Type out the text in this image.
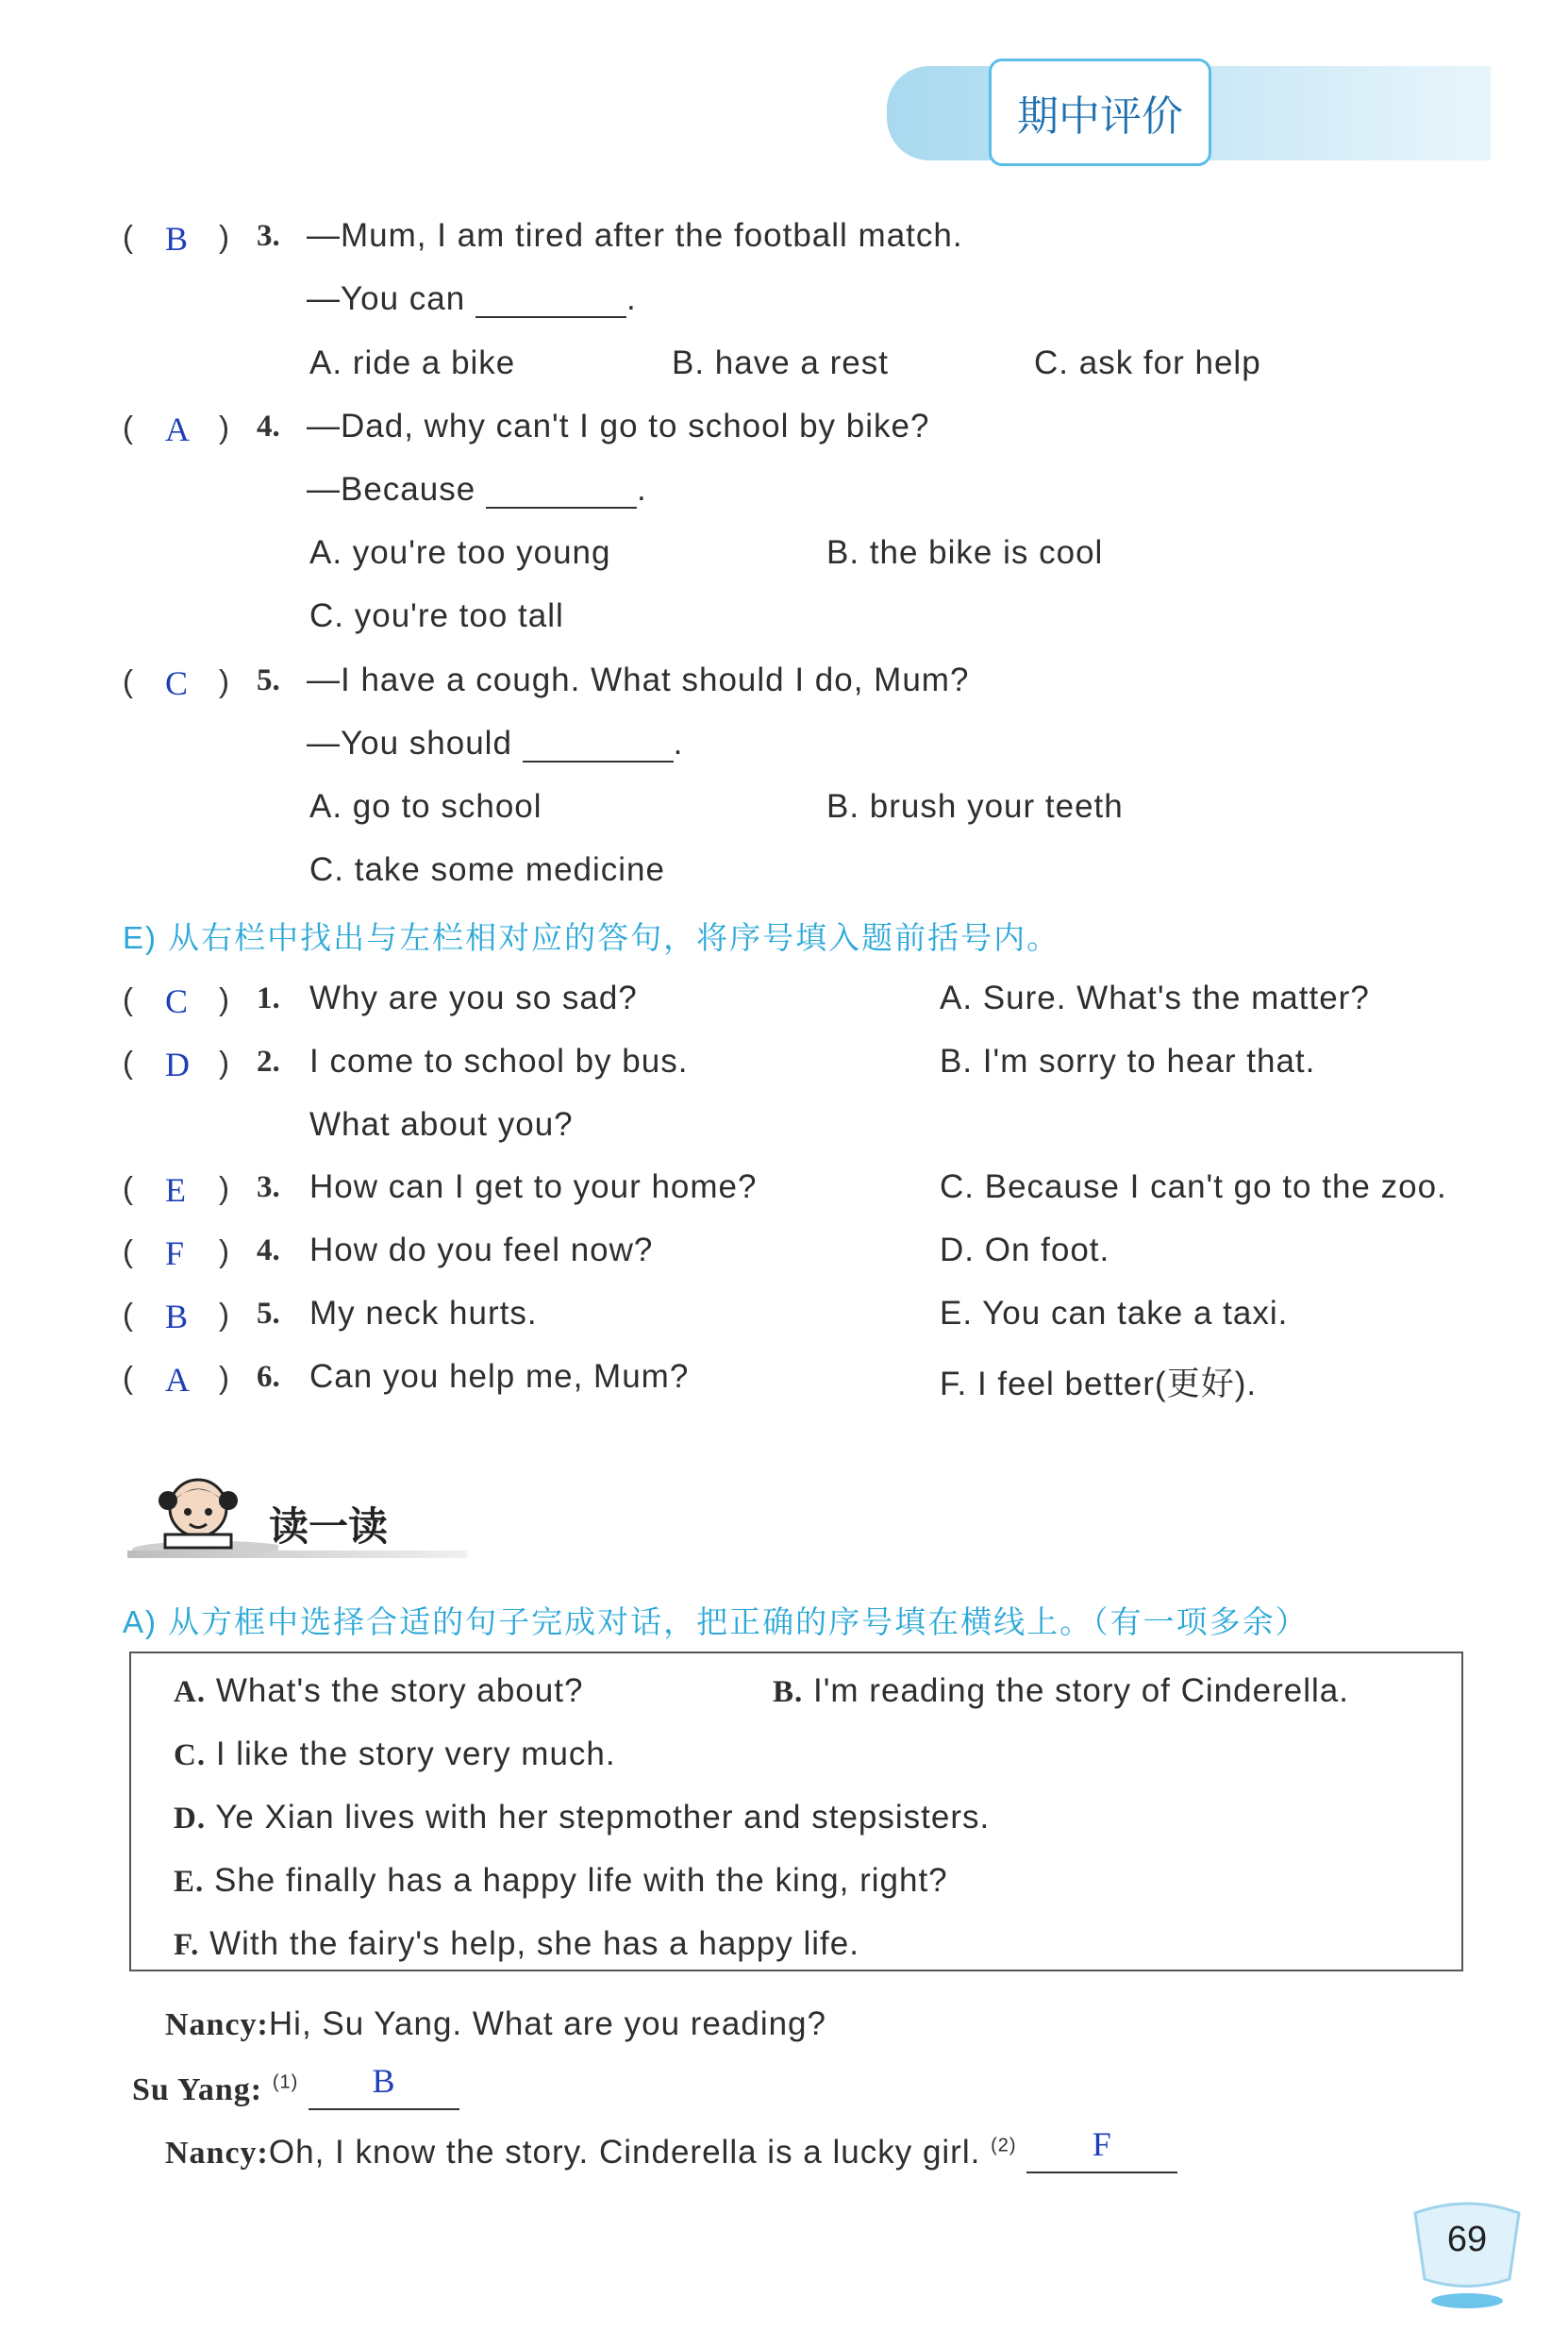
期中评价
( B ) 3. —Mum, I am tired after the football match.
—You can	.
A. ride a bike	B. have a rest	C. ask for help
( A ) 4. —Dad, why can't I go to school by bike?
—Because	.
A. you're too young	B. the bike is cool
C. you're too tall
( C ) 5. —I have a cough. What should I do, Mum?
—You should	.
A. go to school	B. brush your teeth
C. take some medicine
E) 从右栏中找出与左栏相对应的答句，将序号填入题前括号内。
( C ) 1. Why are you so sad?	A. Sure. What's the matter?
( D ) 2. I come to school by bus.	B. I'm sorry to hear that.
What about you?
( E ) 3. How can I get to your home?	C. Because I can't go to the zoo.
( F ) 4. How do you feel now?	D. On foot.
( B ) 5. My neck hurts.	E. You can take a taxi.
( A ) 6. Can you help me, Mum?	F. I feel better(更好).
读一读
A) 从方框中选择合适的句子完成对话，把正确的序号填在横线上。（有一项多余）
A. What's the story about?	B. I'm reading the story of Cinderella.
C. I like the story very much.
D. Ye Xian lives with her stepmother and stepsisters.
E. She finally has a happy life with the king, right?
F. With the fairy's help, she has a happy life.
Nancy:Hi, Su Yang. What are you reading?
Su Yang: $^{(1)}$ B
Nancy:Oh, I know the story. Cinderella is a lucky girl. $^{(2)}$ F
69
